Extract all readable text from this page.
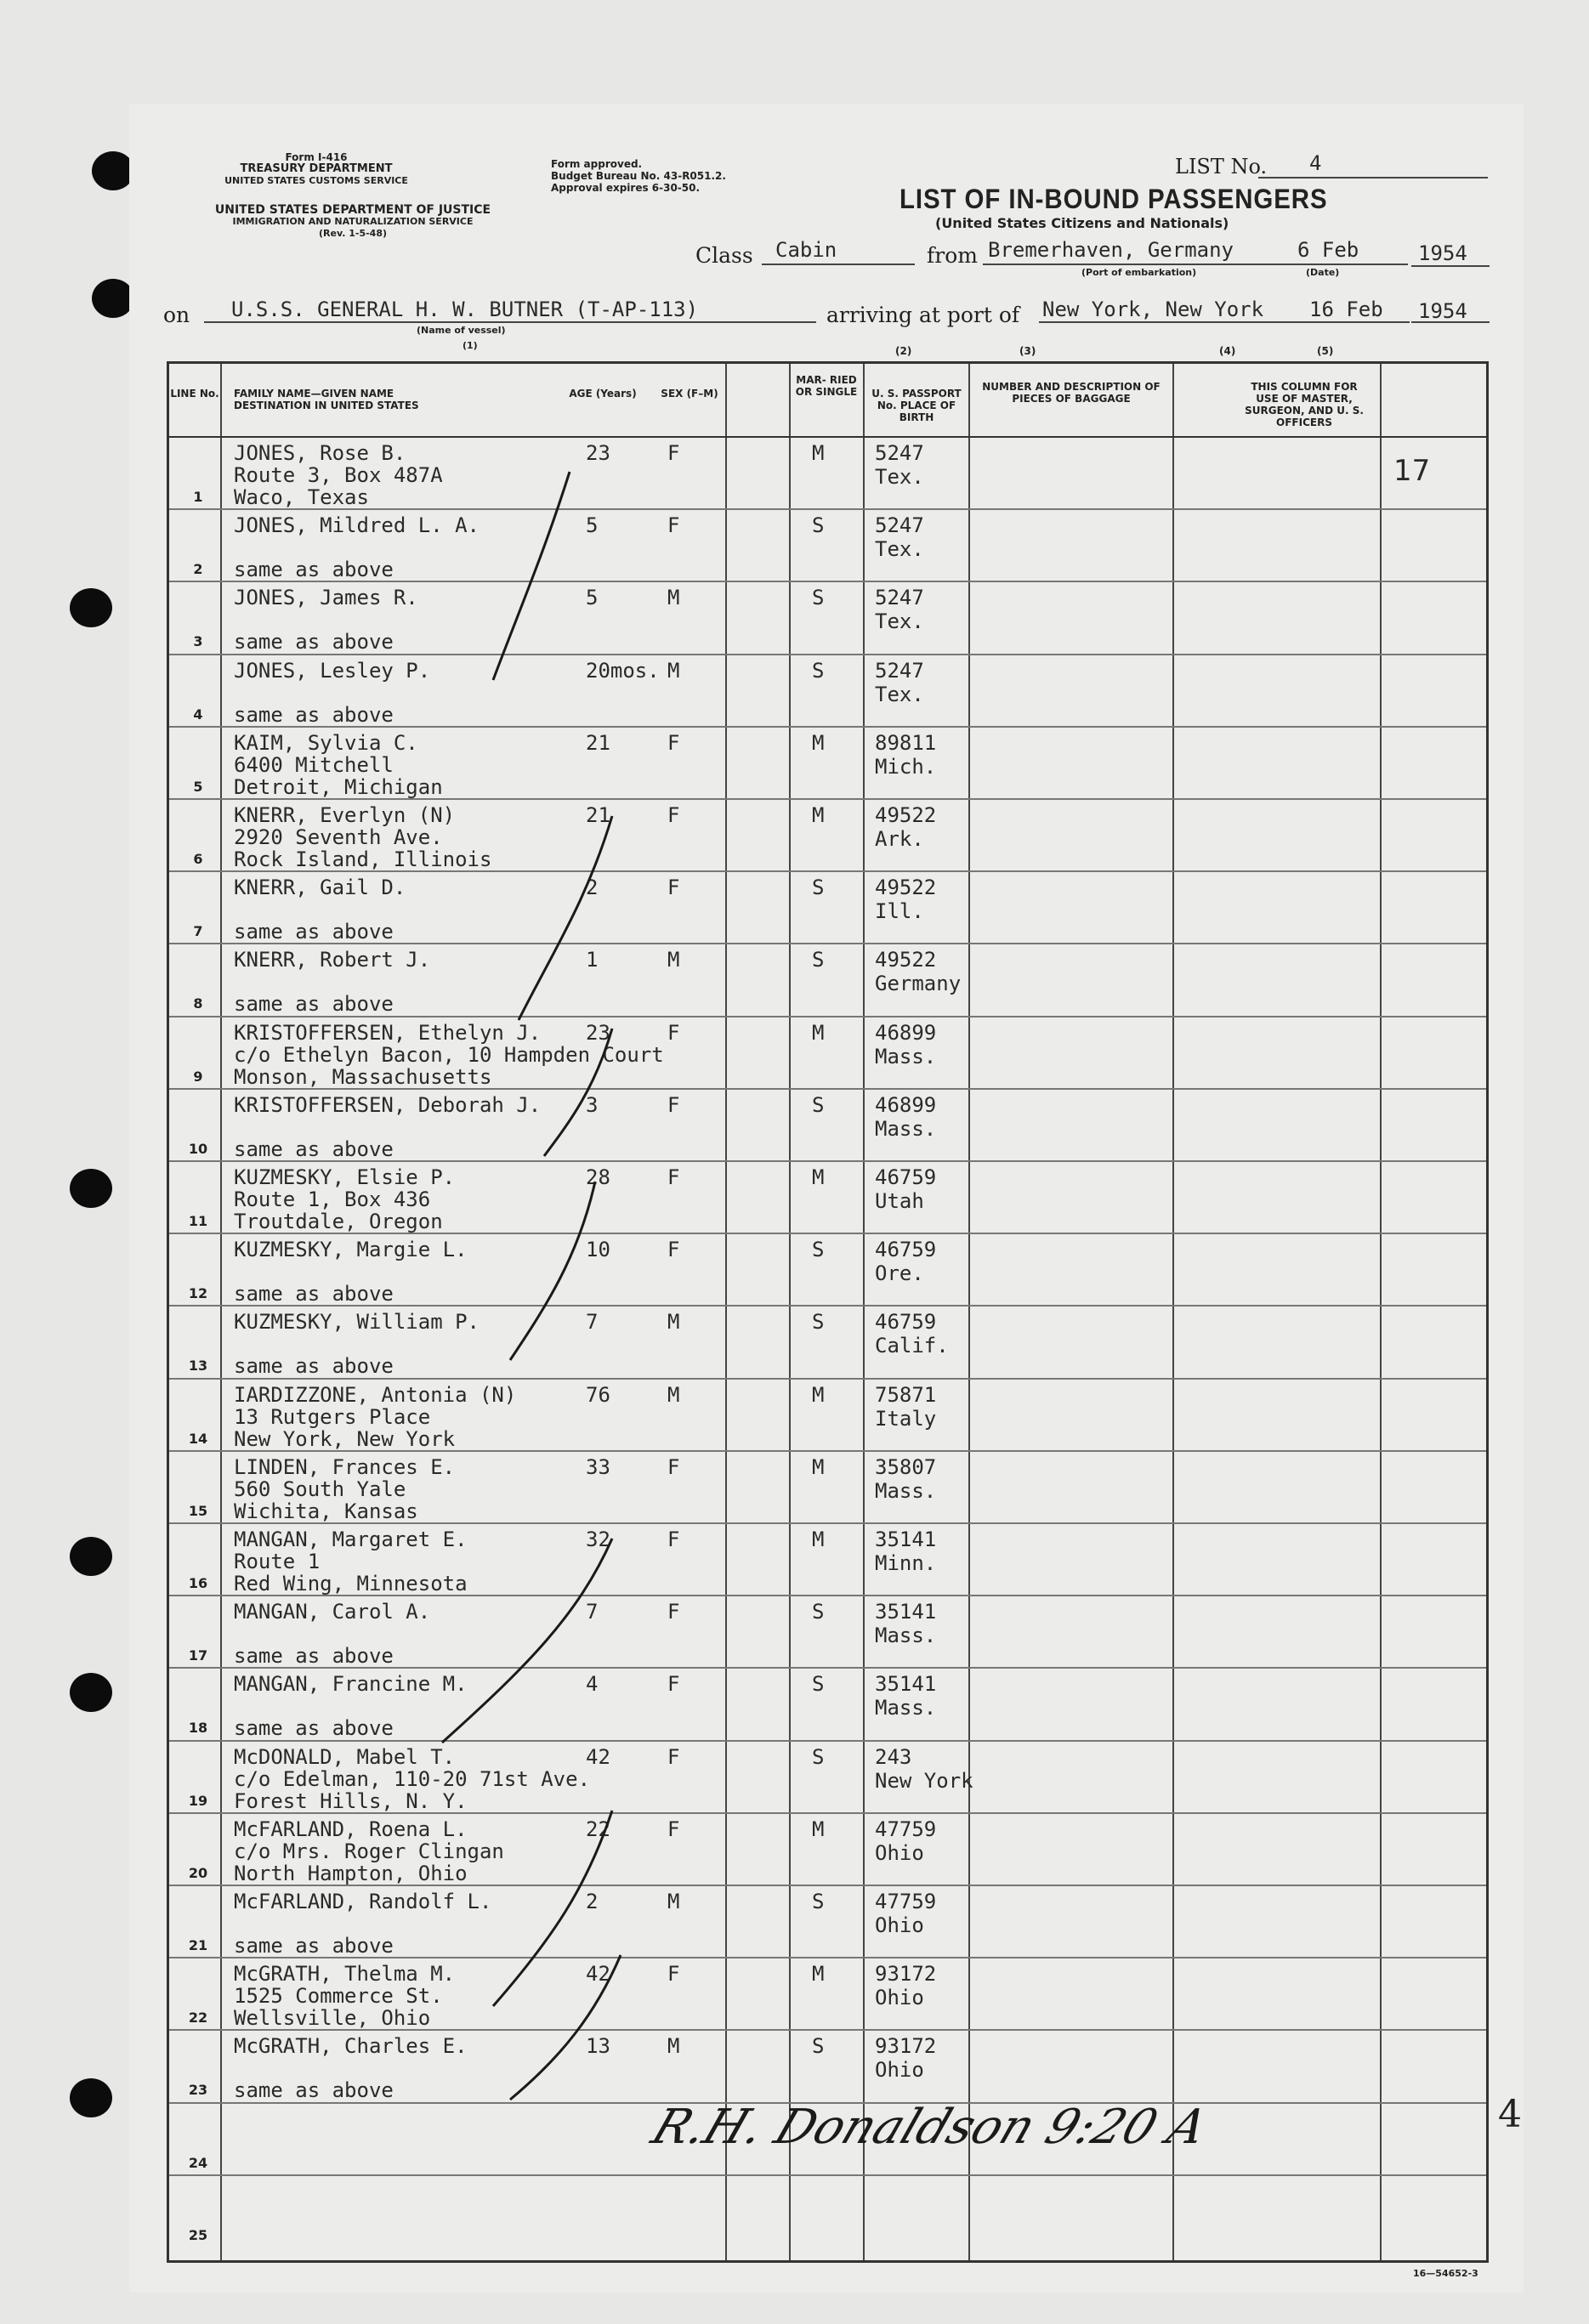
Form I-416
TREASURY DEPARTMENT
UNITED STATES CUSTOMS SERVICE
UNITED STATES DEPARTMENT OF JUSTICE
IMMIGRATION AND NATURALIZATION SERVICE
(Rev. 1-5-48)
Form approved.
Budget Bureau No. 43-R051.2.
Approval expires 6-30-50.
LIST No. 4
LIST OF IN-BOUND PASSENGERS
(United States Citizens and Nationals)
Class Cabin	from Bremerhaven, Germany	6 Feb	1954
(Port of embarkation)	(Date)
on U.S.S. GENERAL H. W. BUTNER (T-AP-113)
(Name of vessel)
(1)
arriving at port of New York, New York 16 Feb 1954
(2)	(3)	(4)	(5)
LINE No. FAMILY NAME—GIVEN NAME DESTINATION IN UNITED STATES
AGE (Years)	SEX (F–M)
MAR- RIED OR SINGLE	U. S. PASSPORT No. PLACE OF BIRTH
NUMBER AND DESCRIPTION OF PIECES OF BAGGAGE
THIS COLUMN FOR USE OF MASTER, SURGEON, AND U. S. OFFICERS
1
JONES, Rose B.
Route 3, Box 487A
Waco, Texas
23	F	M 5247
Tex.
2
JONES, Mildred L. A.
same as above
5	F	S 5247
Tex.
3
JONES, James R.
same as above
5	M	S 5247
Tex.
4
JONES, Lesley P.
same as above
20mos. M	S 5247
Tex.
5
KAIM, Sylvia C.
6400 Mitchell
Detroit, Michigan
21	F	M 89811
Mich.
6
KNERR, Everlyn (N)
2920 Seventh Ave.
Rock Island, Illinois
21	F	M 49522
Ark.
7
KNERR, Gail D.
same as above
2	F	S 49522
Ill.
8
KNERR, Robert J.
same as above
1	M	S 49522
Germany
9
KRISTOFFERSEN, Ethelyn J.
c/o Ethelyn Bacon, 10 Hampden Court
Monson, Massachusetts
23	F	M 46899
Mass.
10
KRISTOFFERSEN, Deborah J.
same as above
3	F	S 46899
Mass.
11
KUZMESKY, Elsie P.
Route 1, Box 436
Troutdale, Oregon
28	F	M 46759
Utah
12
KUZMESKY, Margie L.
same as above
10	F	S 46759
Ore.
13
KUZMESKY, William P.
same as above
7	M	S 46759
Calif.
14
IARDIZZONE, Antonia (N)
13 Rutgers Place
New York, New York
76	M	M 75871
Italy
15
LINDEN, Frances E.
560 South Yale
Wichita, Kansas
33	F	M 35807
Mass.
16
MANGAN, Margaret E.
Route 1
Red Wing, Minnesota
32	F	M 35141
Minn.
17
MANGAN, Carol A.
same as above
7	F	S 35141
Mass.
18
MANGAN, Francine M.
same as above
4	F	S 35141
Mass.
19
McDONALD, Mabel T.
c/o Edelman, 110-20 71st Ave.
Forest Hills, N. Y.
42	F	S 243
New York
20
McFARLAND, Roena L.
c/o Mrs. Roger Clingan
North Hampton, Ohio
22	F	M 47759
Ohio
21
McFARLAND, Randolf L.
same as above
2	M	S 47759
Ohio
22
McGRATH, Thelma M.
1525 Commerce St.
Wellsville, Ohio
42	F	M 93172
Ohio
23
McGRATH, Charles E.
same as above
13	M	S 93172
Ohio
24
25
17
R.H. Donaldson 9:20 A	4
16—54652-3
